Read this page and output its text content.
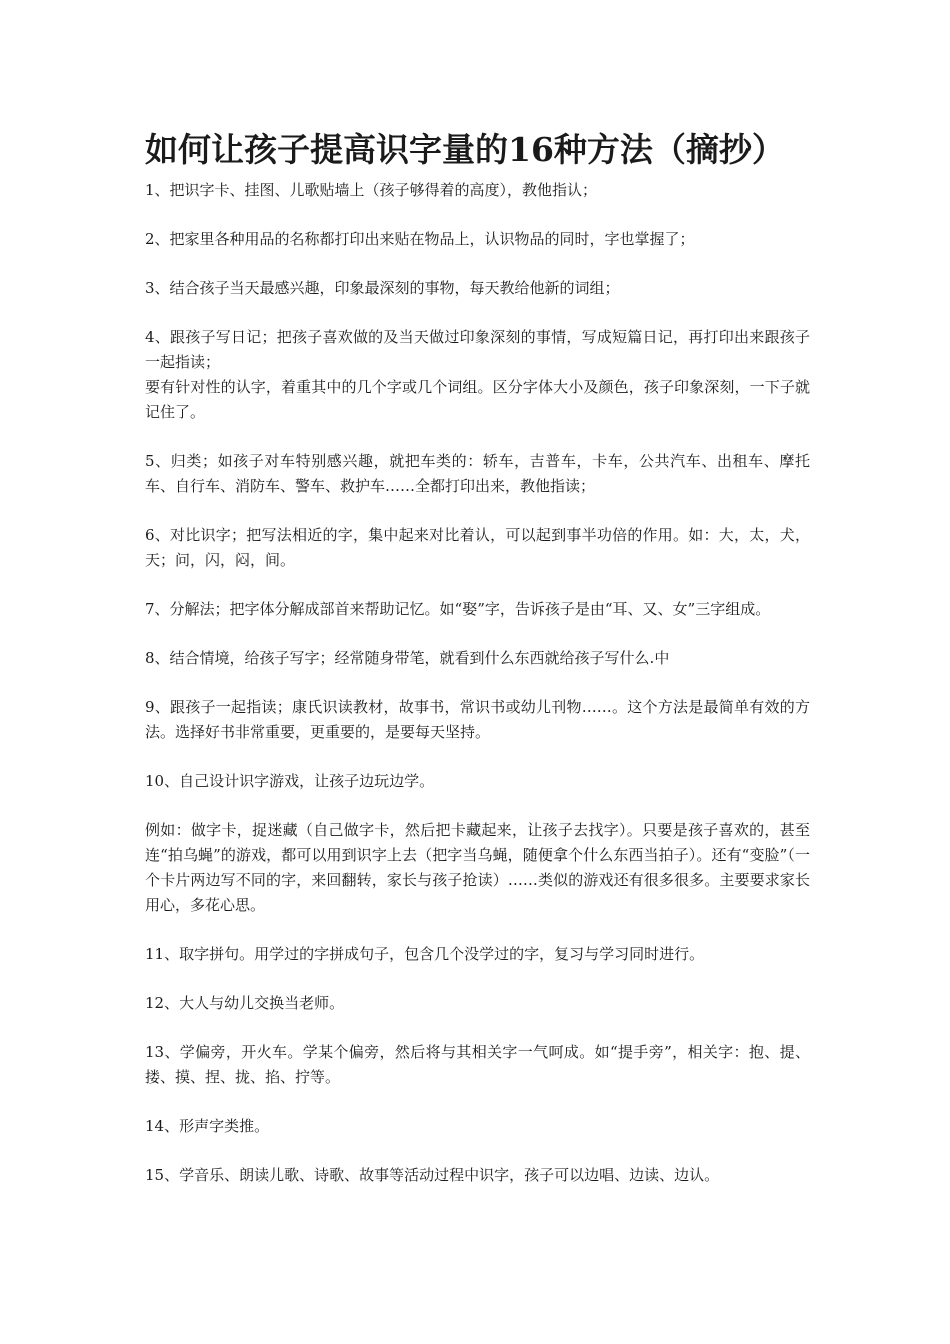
如何让孩子提高识字量的16种方法（摘抄）

1、把识字卡、挂图、儿歌贴墙上（孩子够得着的高度），教他指认；

2、把家里各种用品的名称都打印出来贴在物品上，认识物品的同时，字也掌握了；

3、结合孩子当天最感兴趣，印象最深刻的事物，每天教给他新的词组；

4、跟孩子写日记；把孩子喜欢做的及当天做过印象深刻的事情，写成短篇日记，再打印出来跟孩子一起指读；

要有针对性的认字，着重其中的几个字或几个词组。区分字体大小及颜色，孩子印象深刻，一下子就记住了。

5、归类；如孩子对车特别感兴趣，就把车类的：轿车，吉普车，卡车，公共汽车、出租车、摩托车、自行车、消防车、警车、救护车……全都打印出来，教他指读；

6、对比识字；把写法相近的字，集中起来对比着认，可以起到事半功倍的作用。如：大，太，犬，天；问，闪，闷，间。

7、分解法；把字体分解成部首来帮助记忆。如“娶”字，告诉孩子是由“耳、又、女”三字组成。

8、结合情境，给孩子写字；经常随身带笔，就看到什么东西就给孩子写什么.中

9、跟孩子一起指读；康氏识读教材，故事书，常识书或幼儿刊物……。这个方法是最简单有效的方法。选择好书非常重要，更重要的，是要每天坚持。

10、自己设计识字游戏，让孩子边玩边学。

例如：做字卡，捉迷藏（自己做字卡，然后把卡藏起来，让孩子去找字）。只要是孩子喜欢的，甚至连“拍乌蝇”的游戏，都可以用到识字上去（把字当乌蝇，随便拿个什么东西当拍子）。还有“变脸”（一个卡片两边写不同的字，来回翻转，家长与孩子抢读）……类似的游戏还有很多很多。主要要求家长用心，多花心思。

11、取字拼句。用学过的字拼成句子，包含几个没学过的字，复习与学习同时进行。

12、大人与幼儿交换当老师。

13、学偏旁，开火车。学某个偏旁，然后将与其相关字一气呵成。如“提手旁”，相关字：抱、提、搂、摸、捏、拢、掐、拧等。

14、形声字类推。

15、学音乐、朗读儿歌、诗歌、故事等活动过程中识字，孩子可以边唱、边读、边认。
